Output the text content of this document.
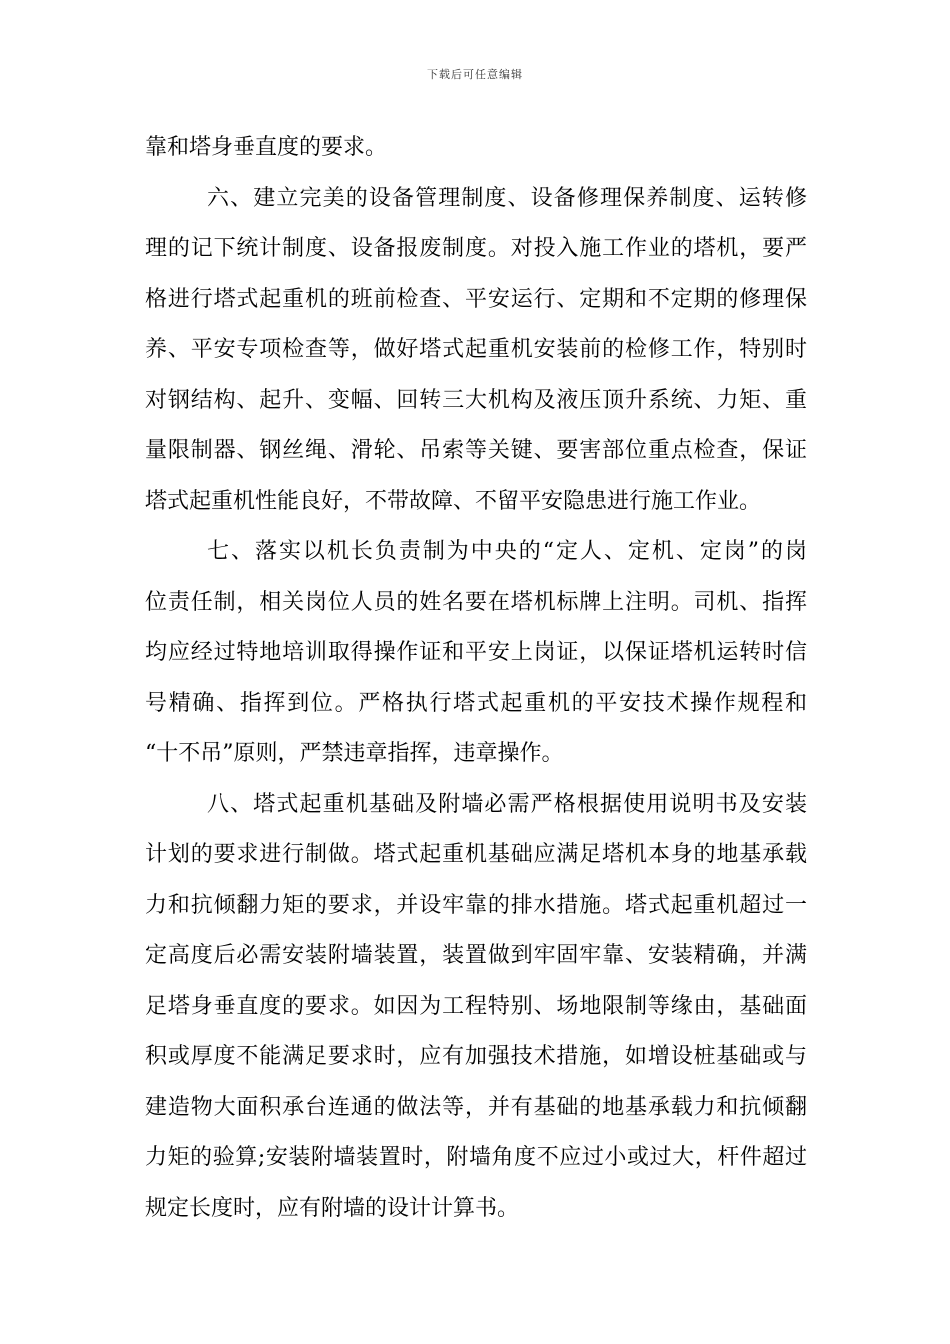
下载后可任意编辑
靠和塔身垂直度的要求。
六、建立完美的设备管理制度、设备修理保养制度、运转修
理的记下统计制度、设备报废制度。对投入施工作业的塔机，要严
格进行塔式起重机的班前检查、平安运行、定期和不定期的修理保
养、平安专项检查等，做好塔式起重机安装前的检修工作，特别时
对钢结构、起升、变幅、回转三大机构及液压顶升系统、力矩、重
量限制器、钢丝绳、滑轮、吊索等关键、要害部位重点检查，保证
塔式起重机性能良好，不带故障、不留平安隐患进行施工作业。
七、落实以机长负责制为中央的“定人、定机、定岗”的岗
位责任制，相关岗位人员的姓名要在塔机标牌上注明。司机、指挥
均应经过特地培训取得操作证和平安上岗证，以保证塔机运转时信
号精确、指挥到位。严格执行塔式起重机的平安技术操作规程和
“十不吊”原则，严禁违章指挥，违章操作。
八、塔式起重机基础及附墙必需严格根据使用说明书及安装
计划的要求进行制做。塔式起重机基础应满足塔机本身的地基承载
力和抗倾翻力矩的要求，并设牢靠的排水措施。塔式起重机超过一
定高度后必需安装附墙装置，装置做到牢固牢靠、安装精确，并满
足塔身垂直度的要求。如因为工程特别、场地限制等缘由，基础面
积或厚度不能满足要求时，应有加强技术措施，如增设桩基础或与
建造物大面积承台连通的做法等，并有基础的地基承载力和抗倾翻
力矩的验算;安装附墙装置时，附墙角度不应过小或过大，杆件超过
规定长度时，应有附墙的设计计算书。
